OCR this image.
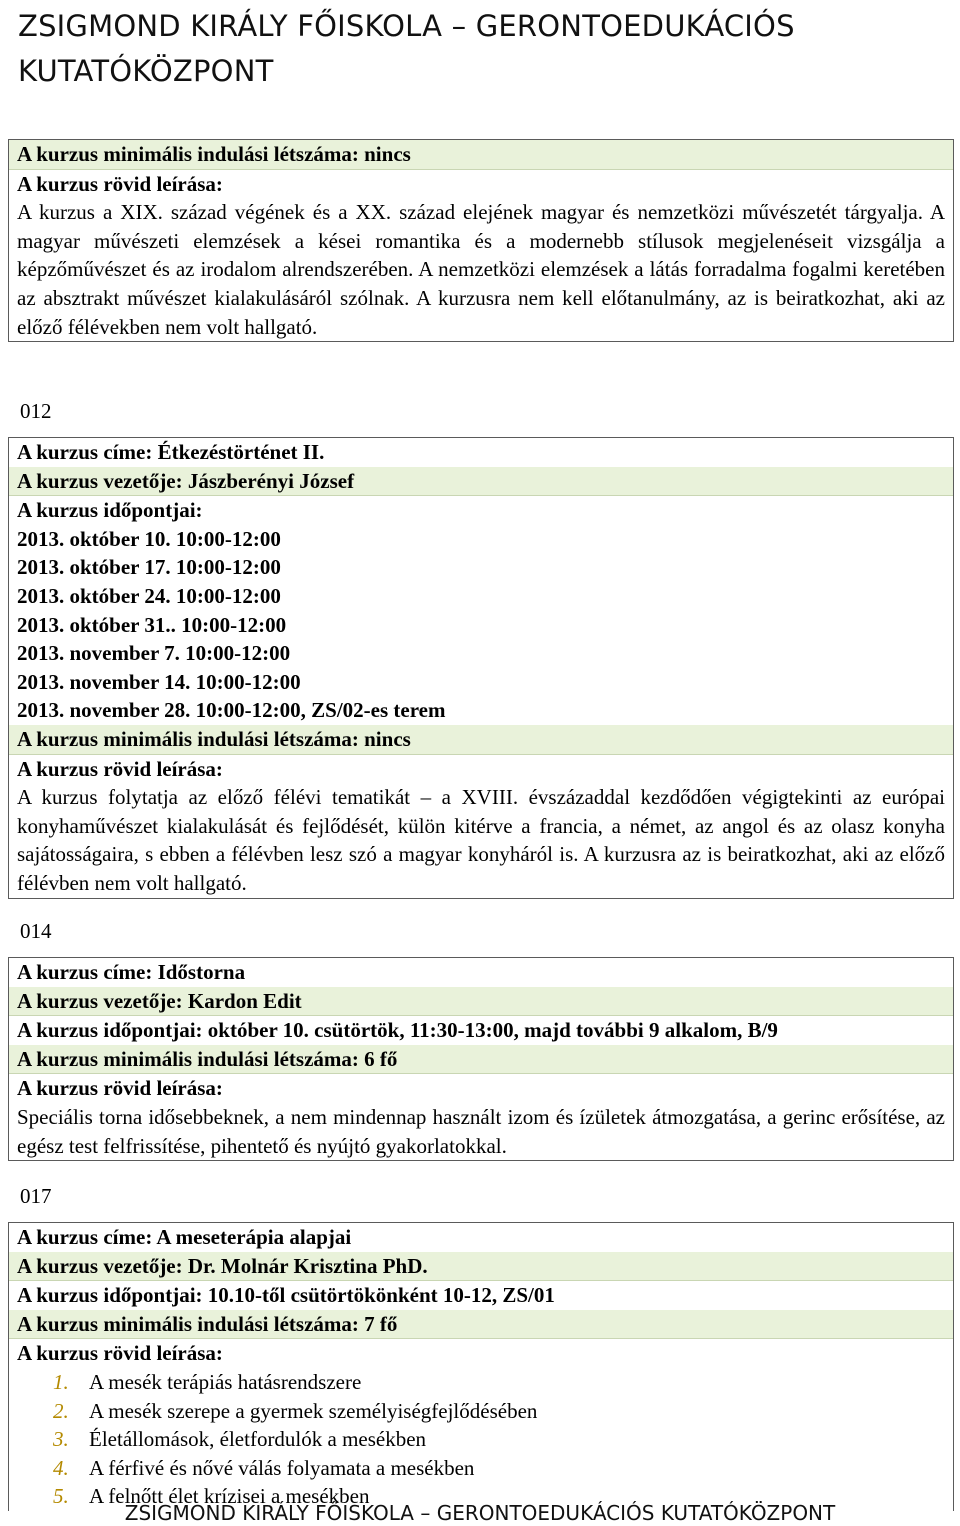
ZSIGMOND KIRÁLY FŐISKOLA – GERONTOEDUKÁCIÓS
KUTATÓKÖZPONT
A kurzus minimális indulási létszáma: nincs
A kurzus rövid leírása:
A kurzus a XIX. század végének és a XX. század elejének magyar és nemzetközi művészetét tárgyalja. A magyar művészeti elemzések a kései romantika és a modernebb stílusok megjelenéseit vizsgálja a képzőművészet és az irodalom alrendszerében. A nemzetközi elemzések a látás forradalma fogalmi keretében az absztrakt művészet kialakulásáról szólnak. A kurzusra nem kell előtanulmány, az is beiratkozhat, aki az előző félévekben nem volt hallgató.
012
A kurzus címe: Étkezéstörténet II.
A kurzus vezetője: Jászberényi József
A kurzus időpontjai:
2013. október 10. 10:00-12:00
2013. október 17. 10:00-12:00
2013. október 24. 10:00-12:00
2013. október 31.. 10:00-12:00
2013. november 7. 10:00-12:00
2013. november 14. 10:00-12:00
2013. november 28. 10:00-12:00, ZS/02-es terem
A kurzus minimális indulási létszáma: nincs
A kurzus rövid leírása:
A kurzus folytatja az előző félévi tematikát – a XVIII. évszázaddal kezdődően végigtekinti az európai konyhaművészet kialakulását és fejlődését, külön kitérve a francia, a német, az angol és az olasz konyha sajátosságaira, s ebben a félévben lesz szó a magyar konyháról is. A kurzusra az is beiratkozhat, aki az előző félévben nem volt hallgató.
014
A kurzus címe: Időstorna
A kurzus vezetője: Kardon Edit
A kurzus időpontjai: október 10. csütörtök, 11:30-13:00, majd további 9 alkalom, B/9
A kurzus minimális indulási létszáma: 6 fő
A kurzus rövid leírása:
Speciális torna idősebbeknek, a nem mindennap használt izom és ízületek átmozgatása, a gerinc erősítése, az egész test felfrissítése, pihentető és nyújtó gyakorlatokkal.
017
A kurzus címe: A meseterápia alapjai
A kurzus vezetője: Dr. Molnár Krisztina PhD.
A kurzus időpontjai: 10.10-től csütörtökönként 10-12, ZS/01
A kurzus minimális indulási létszáma: 7 fő
A kurzus rövid leírása:
1. A mesék terápiás hatásrendszere
2. A mesék szerepe a gyermek személyiségfejlődésében
3. Életállomások, életfordulók a mesékben
4. A férfivé és nővé válás folyamata a mesékben
5. A felnőtt élet krízisei a mesékben
ZSIGMOND KIRÁLY FŐISKOLA – GERONTOEDUKÁCIÓS KUTATÓKÖZPONT
